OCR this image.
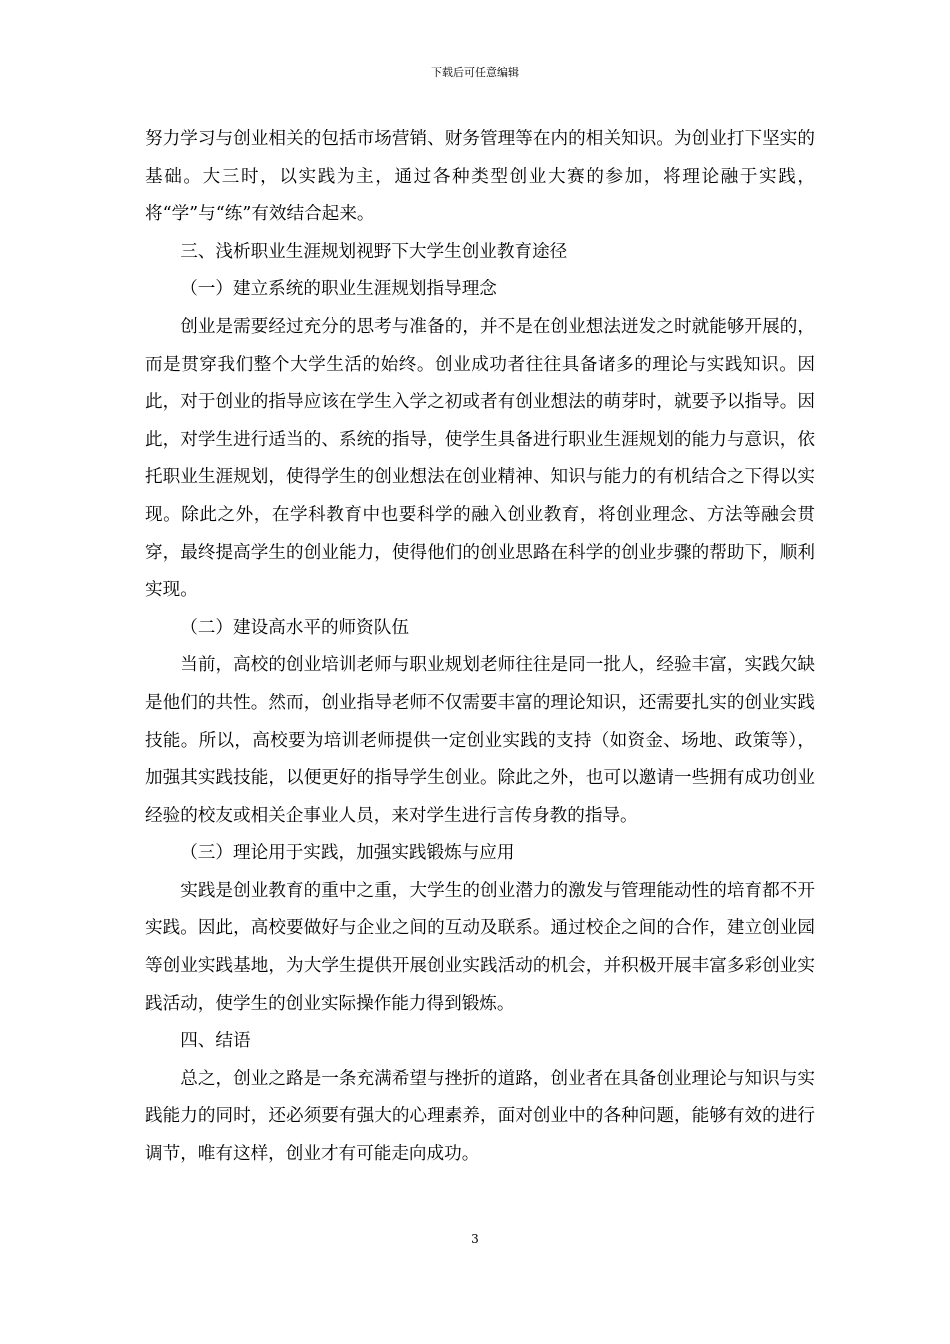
下载后可任意编辑

努力学习与创业相关的包括市场营销、财务管理等在内的相关知识。为创业打下坚实的基础。大三时，以实践为主，通过各种类型创业大赛的参加，将理论融于实践，将“学”与“练”有效结合起来。

三、浅析职业生涯规划视野下大学生创业教育途径

（一）建立系统的职业生涯规划指导理念

创业是需要经过充分的思考与准备的，并不是在创业想法迸发之时就能够开展的，而是贯穿我们整个大学生活的始终。创业成功者往往具备诸多的理论与实践知识。因此，对于创业的指导应该在学生入学之初或者有创业想法的萌芽时，就要予以指导。因此，对学生进行适当的、系统的指导，使学生具备进行职业生涯规划的能力与意识，依托职业生涯规划，使得学生的创业想法在创业精神、知识与能力的有机结合之下得以实现。除此之外，在学科教育中也要科学的融入创业教育，将创业理念、方法等融会贯穿，最终提高学生的创业能力，使得他们的创业思路在科学的创业步骤的帮助下，顺利实现。

（二）建设高水平的师资队伍

当前，高校的创业培训老师与职业规划老师往往是同一批人，经验丰富，实践欠缺是他们的共性。然而，创业指导老师不仅需要丰富的理论知识，还需要扎实的创业实践技能。所以，高校要为培训老师提供一定创业实践的支持（如资金、场地、政策等），加强其实践技能，以便更好的指导学生创业。除此之外，也可以邀请一些拥有成功创业经验的校友或相关企事业人员，来对学生进行言传身教的指导。

（三）理论用于实践，加强实践锻炼与应用

实践是创业教育的重中之重，大学生的创业潜力的激发与管理能动性的培育都不开实践。因此，高校要做好与企业之间的互动及联系。通过校企之间的合作，建立创业园等创业实践基地，为大学生提供开展创业实践活动的机会，并积极开展丰富多彩创业实践活动，使学生的创业实际操作能力得到锻炼。

四、结语

总之，创业之路是一条充满希望与挫折的道路，创业者在具备创业理论与知识与实践能力的同时，还必须要有强大的心理素养，面对创业中的各种问题，能够有效的进行调节，唯有这样，创业才有可能走向成功。

3
